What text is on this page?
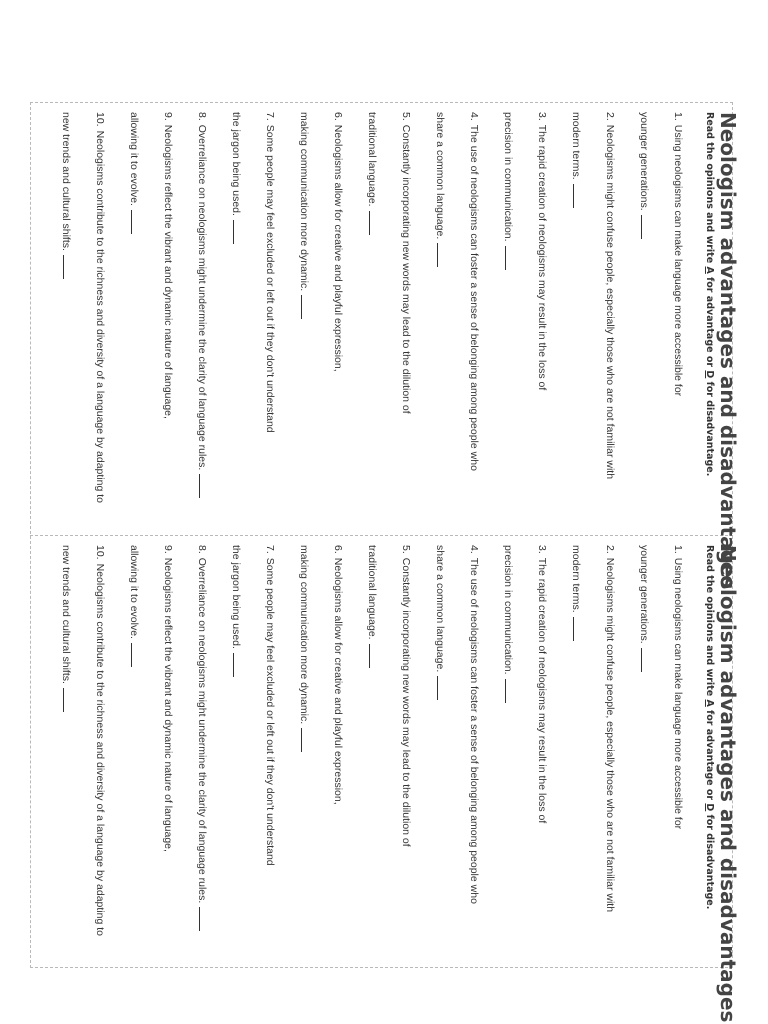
Neologism advantages and disadvantages

Read the opinions and write A for advantage or D for disadvantage.

1.Using neologisms can make language more accessible for
younger generations.
2.Neologisms might confuse people, especially those who are not familiar with
modern terms.
3.The rapid creation of neologisms may result in the loss of
precision in communication.
4.The use of neologisms can foster a sense of belonging among people who
share a common language.
5.Constantly incorporating new words may lead to the dilution of
traditional language.
6.Neologisms allow for creative and playful expression,
making communication more dynamic.
7.Some people may feel excluded or left out if they don't understand
the jargon being used.
8.Overreliance on neologisms might undermine the clarity of language rules.
9.Neologisms reflect the vibrant and dynamic nature of language,
allowing it to evolve.
10.Neologisms contribute to the richness and diversity of a language by adapting to
new trends and cultural shifts.
Neologism advantages and disadvantages

Read the opinions and write A for advantage or D for disadvantage.

1.Using neologisms can make language more accessible for
younger generations.
2.Neologisms might confuse people, especially those who are not familiar with
modern terms.
3.The rapid creation of neologisms may result in the loss of
precision in communication.
4.The use of neologisms can foster a sense of belonging among people who
share a common language.
5.Constantly incorporating new words may lead to the dilution of
traditional language.
6.Neologisms allow for creative and playful expression,
making communication more dynamic.
7.Some people may feel excluded or left out if they don't understand
the jargon being used.
8.Overreliance on neologisms might undermine the clarity of language rules.
9.Neologisms reflect the vibrant and dynamic nature of language,
allowing it to evolve.
10.Neologisms contribute to the richness and diversity of a language by adapting to
new trends and cultural shifts.
